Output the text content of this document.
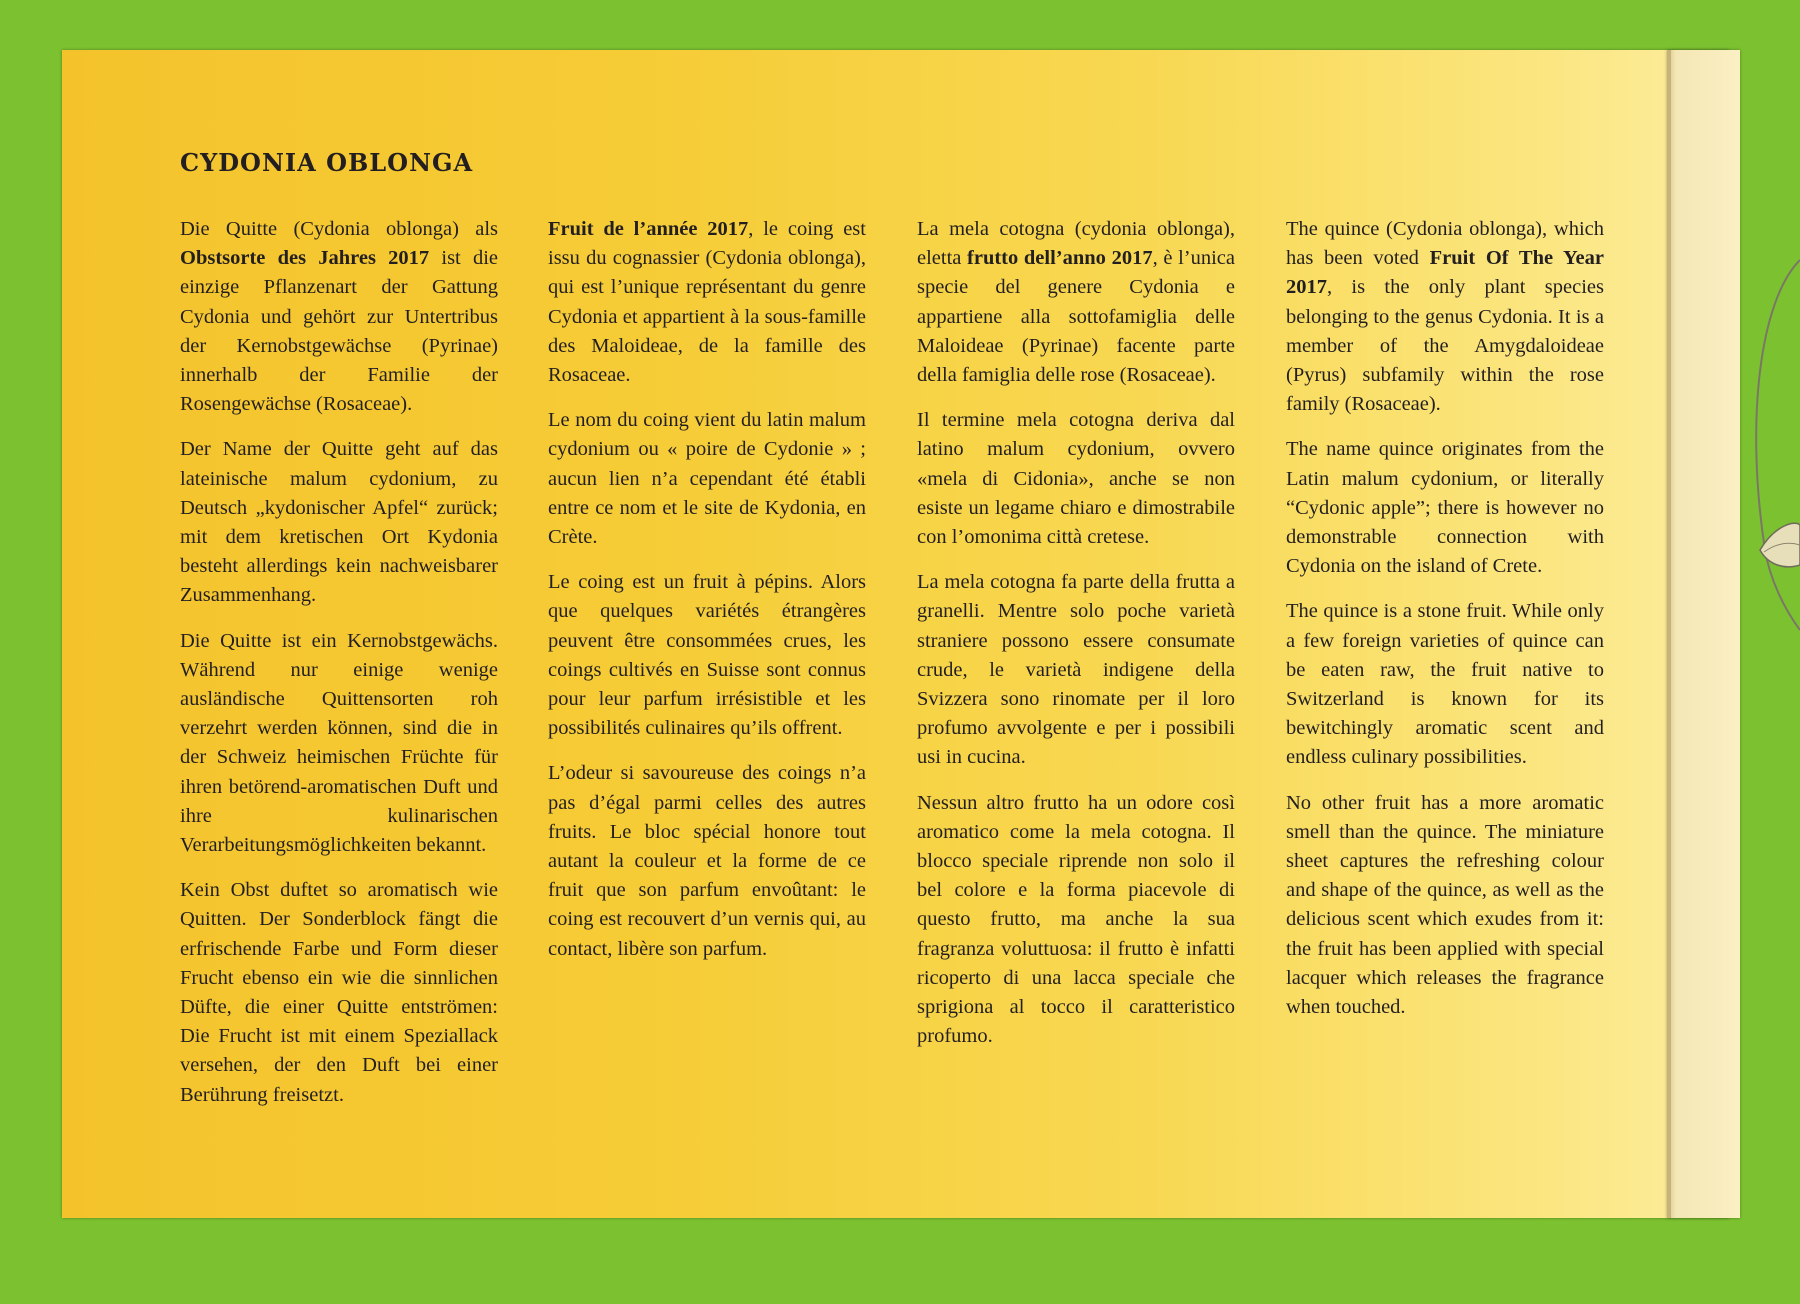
CYDONIA OBLONGA

Die Quitte (Cydonia oblonga) als Obstsorte des Jahres 2017 ist die einzige Pflanzenart der Gattung Cydonia und gehört zur Untertribus der Kernobstgewächse (Pyrinae) innerhalb der Familie der Rosengewächse (Rosaceae).

Der Name der Quitte geht auf das lateinische malum cydonium, zu Deutsch „kydonischer Apfel“ zurück; mit dem kretischen Ort Kydonia besteht allerdings kein nachweisbarer Zusammenhang.

Die Quitte ist ein Kernobstgewächs. Während nur einige wenige ausländische Quittensorten roh verzehrt werden können, sind die in der Schweiz heimischen Früchte für ihren betörend-aromatischen Duft und ihre kulinarischen Verarbeitungsmöglichkeiten bekannt.

Kein Obst duftet so aromatisch wie Quitten. Der Sonderblock fängt die erfrischende Farbe und Form dieser Frucht ebenso ein wie die sinnlichen Düfte, die einer Quitte entströmen: Die Frucht ist mit einem Speziallack versehen, der den Duft bei einer Berührung freisetzt.

Fruit de l’année 2017, le coing est issu du cognassier (Cydonia oblonga), qui est l’unique représentant du genre Cydonia et appartient à la sous-famille des Maloideae, de la famille des Rosaceae.

Le nom du coing vient du latin malum cydonium ou « poire de Cydonie » ; aucun lien n’a cependant été établi entre ce nom et le site de Kydonia, en Crète.

Le coing est un fruit à pépins. Alors que quelques variétés étrangères peuvent être consommées crues, les coings cultivés en Suisse sont connus pour leur parfum irrésistible et les possibilités culinaires qu’ils offrent.

L’odeur si savoureuse des coings n’a pas d’égal parmi celles des autres fruits. Le bloc spécial honore tout autant la couleur et la forme de ce fruit que son parfum envoûtant: le coing est recouvert d’un vernis qui, au contact, libère son parfum.

La mela cotogna (cydonia oblonga), eletta frutto dell’anno 2017, è l’unica specie del genere Cydonia e appartiene alla sottofamiglia delle Maloideae (Pyrinae) facente parte della famiglia delle rose (Rosaceae).

Il termine mela cotogna deriva dal latino malum cydonium, ovvero «mela di Cidonia», anche se non esiste un legame chiaro e dimostrabile con l’omonima città cretese.

La mela cotogna fa parte della frutta a granelli. Mentre solo poche varietà straniere possono essere consumate crude, le varietà indigene della Svizzera sono rinomate per il loro profumo avvolgente e per i possibili usi in cucina.

Nessun altro frutto ha un odore così aromatico come la mela cotogna. Il blocco speciale riprende non solo il bel colore e la forma piacevole di questo frutto, ma anche la sua fragranza voluttuosa: il frutto è infatti ricoperto di una lacca speciale che sprigiona al tocco il caratteristico profumo.

The quince (Cydonia oblonga), which has been voted Fruit Of The Year 2017, is the only plant species belonging to the genus Cydonia. It is a member of the Amygdaloideae (Pyrus) subfamily within the rose family (Rosaceae).

The name quince originates from the Latin malum cydonium, or literally “Cydonic apple”; there is however no demonstrable connection with Cydonia on the island of Crete.

The quince is a stone fruit. While only a few foreign varieties of quince can be eaten raw, the fruit native to Switzerland is known for its bewitchingly aromatic scent and endless culinary possibilities.

No other fruit has a more aromatic smell than the quince. The miniature sheet captures the refreshing colour and shape of the quince, as well as the delicious scent which exudes from it: the fruit has been applied with special lacquer which releases the fragrance when touched.
